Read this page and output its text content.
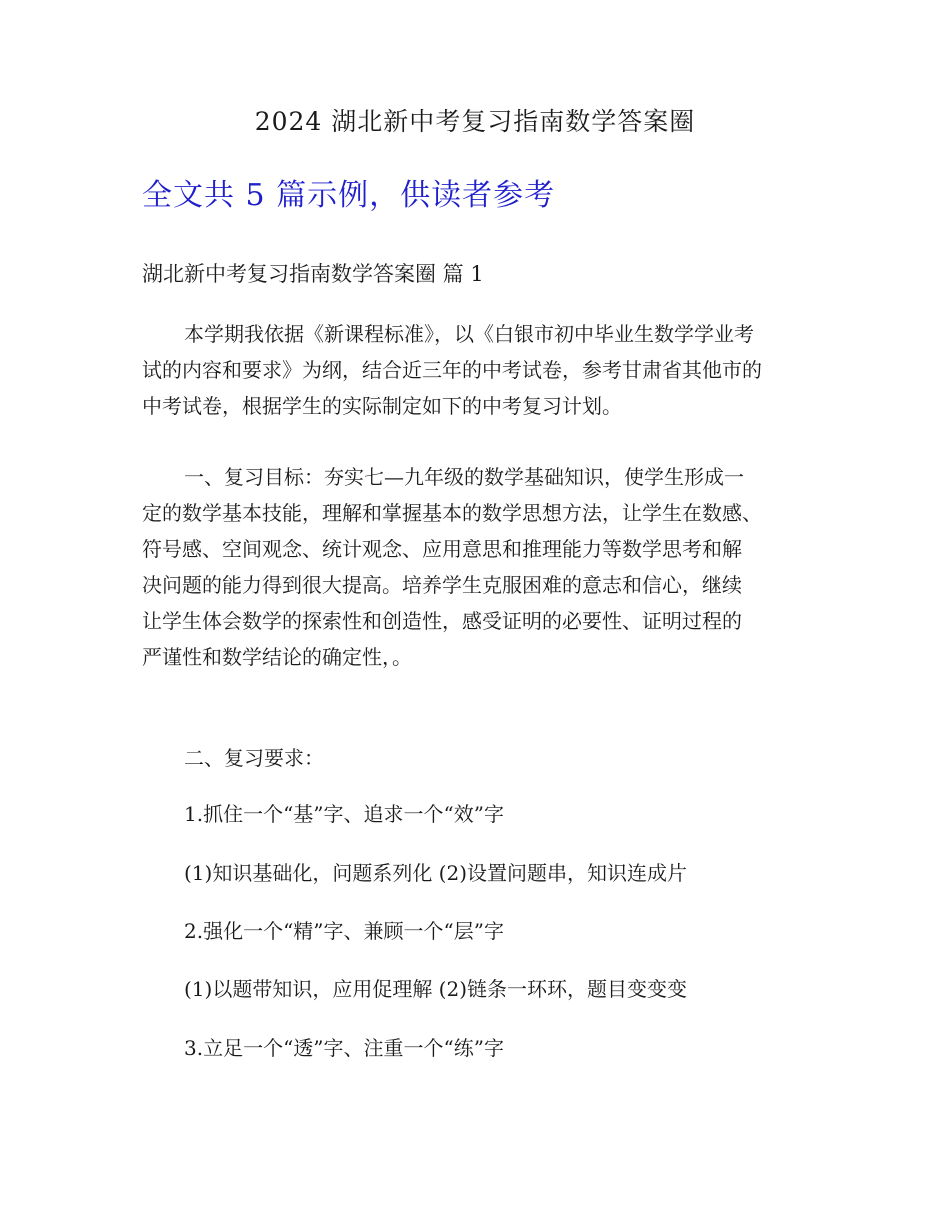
2024 湖北新中考复习指南数学答案圈
全文共 5 篇示例，供读者参考
湖北新中考复习指南数学答案圈 篇 1

本学期我依据《新课程标准》，以《白银市初中毕业生数学学业考
试的内容和要求》为纲，结合近三年的中考试卷，参考甘肃省其他市的
中考试卷，根据学生的实际制定如下的中考复习计划。

一、复习目标：夯实七—九年级的数学基础知识，使学生形成一
定的数学基本技能，理解和掌握基本的数学思想方法，让学生在数感、
符号感、空间观念、统计观念、应用意思和推理能力等数学思考和解
决问题的能力得到很大提高。培养学生克服困难的意志和信心，继续
让学生体会数学的探索性和创造性，感受证明的必要性、证明过程的
严谨性和数学结论的确定性，。

二、复习要求：

1.抓住一个“基”字、追求一个“效”字

(1)知识基础化，问题系列化 (2)设置问题串，知识连成片

2.强化一个“精”字、兼顾一个“层”字

(1)以题带知识，应用促理解 (2)链条一环环，题目变变变

3.立足一个“透”字、注重一个“练”字
